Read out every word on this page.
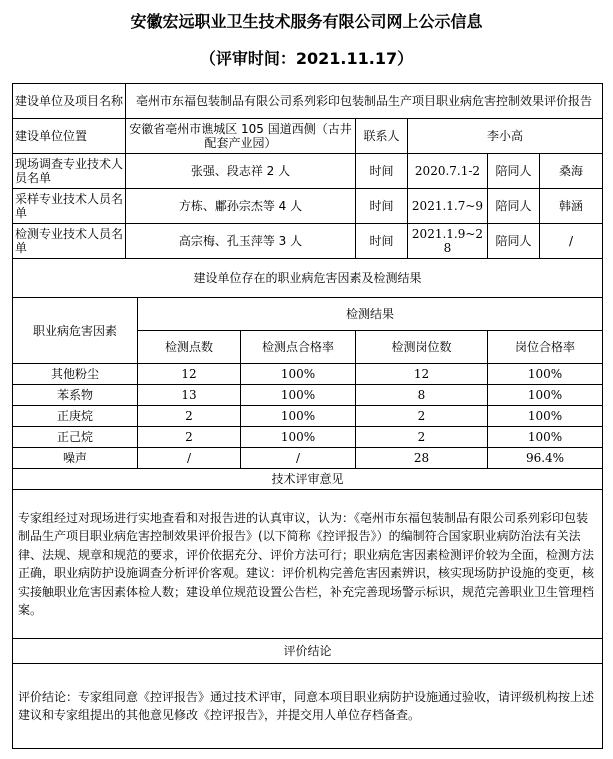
安徽宏远职业卫生技术服务有限公司网上公示信息
（评审时间：2021.11.17）
建设单位及项目名称	亳州市东福包装制品有限公司系列彩印包装制品生产项目职业病危害控制效果评价报告						
建设单位位置	安徽省亳州市谯城区 105 国道西侧（古井配套产业园）			联系人	李小高		
现场调查专业技术人员名单	张强、段志祥 2 人			时间	2020.7.1-2	陪同人	桑海
采样专业技术人员名单	方栋、鄘孙宗杰等 4 人			时间	2021.1.7~9	陪同人	韩涵
检测专业技术人员名单	高宗梅、孔玉萍等 3 人			时间	2021.1.9~28	陪同人	/
建设单位存在的职业病危害因素及检测结果							
职业病危害因素		检测结果					
		检测点数	检测点合格率	检测岗位数		岗位合格率	
其他粉尘		12	100%	12		100%	
苯系物		13	100%	8		100%	
正庚烷		2	100%	2		100%	
正己烷		2	100%	2		100%	
噪声		/	/	28		96.4%	
技术评审意见							
专家组经过对现场进行实地查看和对报告进的认真审议，认为：《亳州市东福包装制品有限公司系列彩印包装制品生产项目职业病危害控制效果评价报告》(以下简称《控评报告》）的编制符合国家职业病防治法有关法律、法规、规章和规范的要求，评价依据充分、评价方法可行；职业病危害因素检测评价较为全面，检测方法正确，职业病防护设施调查分析评价客观。建议：评价机构完善危害因素辨识，核实现场防护设施的变更，核实接触职业危害因素体检人数；建设单位规范设置公告栏，补充完善现场警示标识，规范完善职业卫生管理档案。							
评价结论							
评价结论：专家组同意《控评报告》通过技术评审，同意本项目职业病防护设施通过验收，请评级机构按上述建议和专家组提出的其他意见修改《控评报告》，并提交用人单位存档备查。							
